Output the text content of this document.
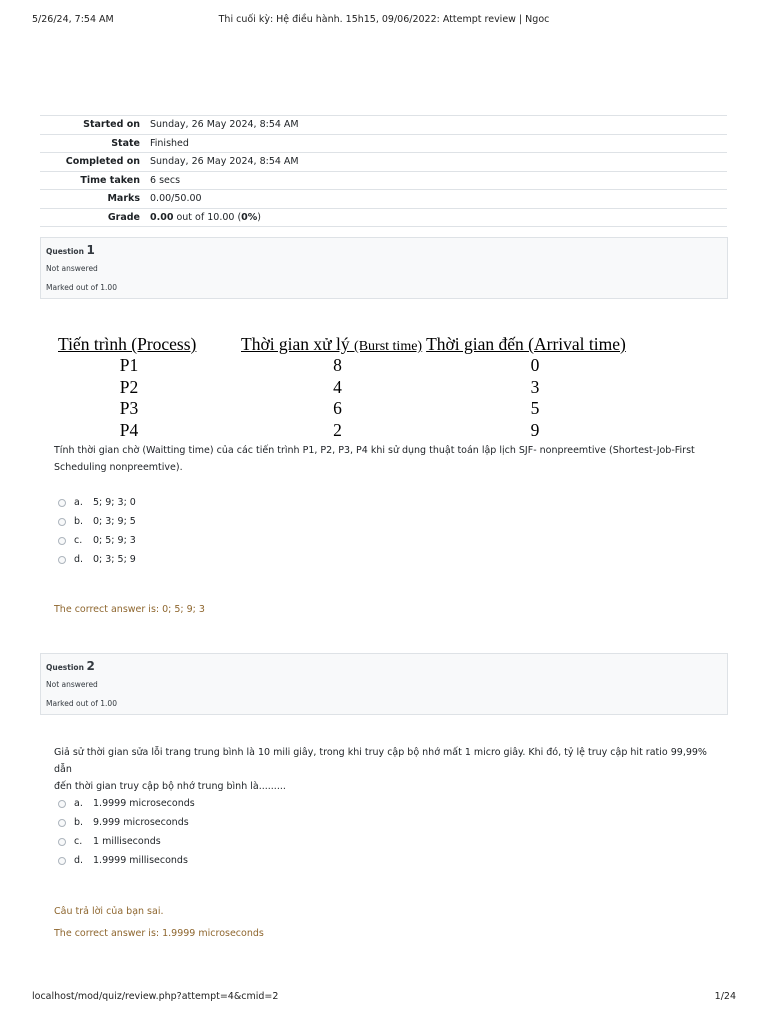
5/26/24, 7:54 AM	Thi cuối kỳ: Hệ điều hành. 15h15, 09/06/2022: Attempt review | Ngoc
Started on	Sunday, 26 May 2024, 8:54 AM
State	Finished
Completed on	Sunday, 26 May 2024, 8:54 AM
Time taken	6 secs
Marks	0.00/50.00
Grade	0.00 out of 10.00 (0%)
Question 1
Not answered
Marked out of 1.00
Tiến trình (Process)	Thời gian xử lý (Burst time) Thời gian đến (Arrival time)
P1	8	0
P2	4	3
P3	6	5
P4	2	9
Tính thời gian chờ (Waitting time) của các tiến trình P1, P2, P3, P4 khi sử dụng thuật toán lập lịch SJF- nonpreemtive (Shortest-Job-First
Scheduling nonpreemtive).
a.	5; 9; 3; 0
b.	0; 3; 9; 5
c.	0; 5; 9; 3
d.	0; 3; 5; 9
The correct answer is: 0; 5; 9; 3
Question 2
Not answered
Marked out of 1.00
Giả sử thời gian sửa lỗi trang trung bình là 10 mili giây, trong khi truy cập bộ nhớ mất 1 micro giây. Khi đó, tỷ lệ truy cập hit ratio 99,99% dẫn
đến thời gian truy cập bộ nhớ trung bình là.........
a.	1.9999 microseconds
b.	9.999 microseconds
c.	1 milliseconds
d.	1.9999 milliseconds
Câu trả lời của bạn sai.
The correct answer is: 1.9999 microseconds
localhost/mod/quiz/review.php?attempt=4&cmid=2	1/24
